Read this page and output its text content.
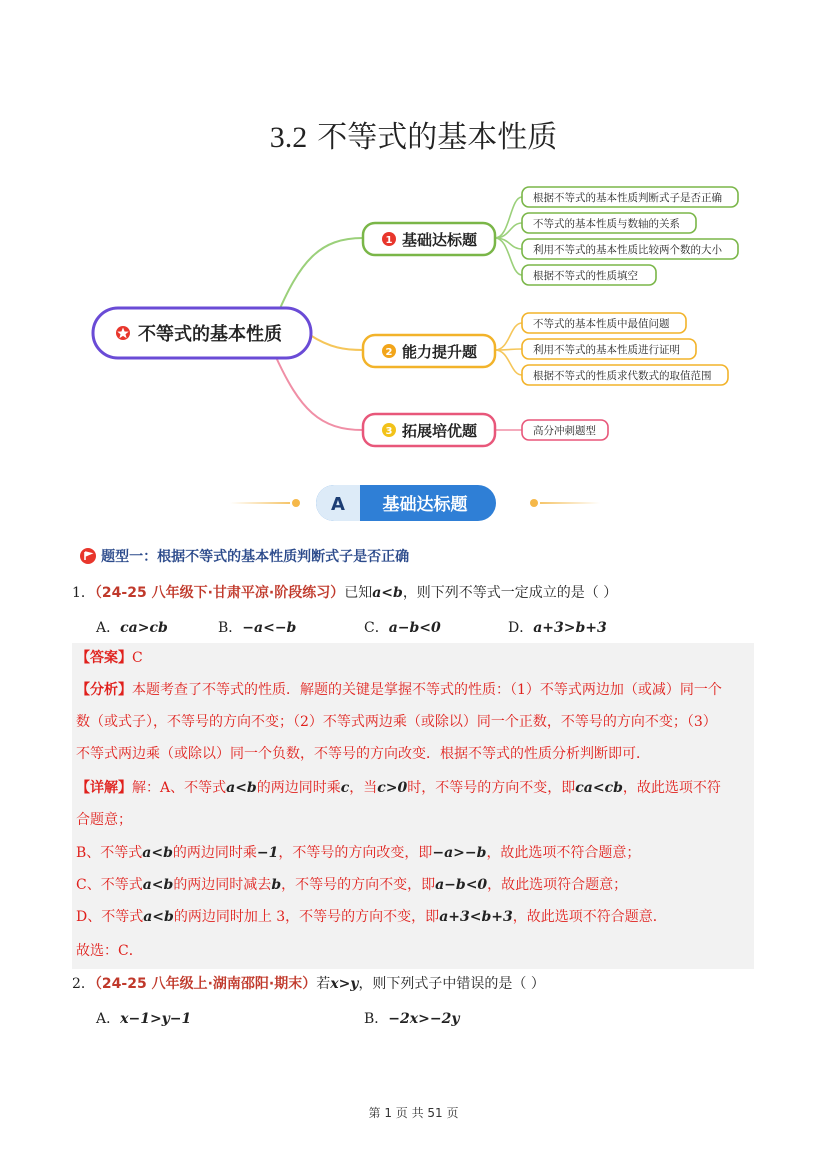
3.2 不等式的基本性质
不等式的基本性质
1 基础达标题
2 能力提升题
3 拓展培优题
根据不等式的基本性质判断式子是否正确
不等式的基本性质与数轴的关系
利用不等式的基本性质比较两个数的大小
根据不等式的性质填空
不等式的基本性质中最值问题
利用不等式的基本性质进行证明
根据不等式的性质求代数式的取值范围
高分冲刺题型
A 基础达标题
题型一：根据不等式的基本性质判断式子是否正确
1．（24-25 八年级下·甘肃平凉·阶段练习）已知a<b，则下列不等式一定成立的是（ ）
A．ca>cb	B．−a<−b	C．a−b<0	D．a+3>b+3
【答案】C
【分析】本题考查了不等式的性质．解题的关键是掌握不等式的性质：（1）不等式两边加（或减）同一个
数（或式子），不等号的方向不变；（2）不等式两边乘（或除以）同一个正数，不等号的方向不变；（3）
不等式两边乘（或除以）同一个负数，不等号的方向改变．根据不等式的性质分析判断即可．
【详解】解：A、不等式a<b的两边同时乘c，当c>0时，不等号的方向不变，即ca<cb，故此选项不符
合题意；
B、不等式a<b的两边同时乘−1，不等号的方向改变，即−a>−b，故此选项不符合题意；
C、不等式a<b的两边同时减去b，不等号的方向不变，即a−b<0，故此选项符合题意；
D、不等式a<b的两边同时加上 3，不等号的方向不变，即a+3<b+3，故此选项不符合题意．
故选：C．
2．（24-25 八年级上·湖南邵阳·期末）若x>y，则下列式子中错误的是（ ）
A．x−1>y−1	B．−2x>−2y
第 1 页 共 51 页
